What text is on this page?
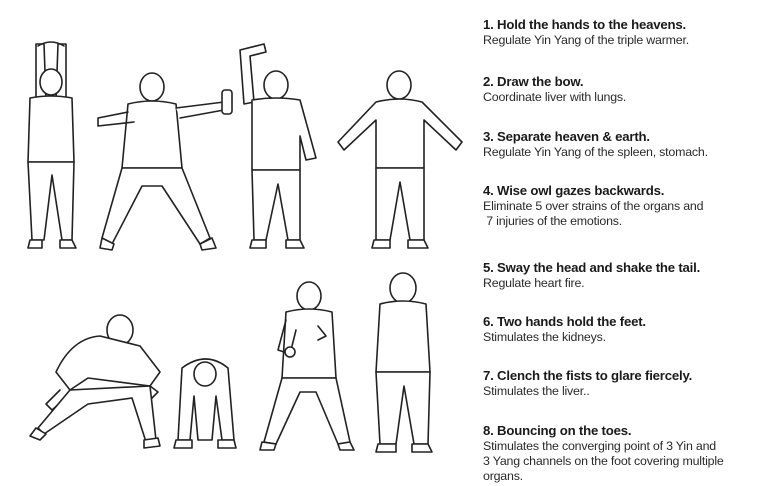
1. Hold the hands to the heavens.
Regulate Yin Yang of the triple warmer.
2. Draw the bow.
Coordinate liver with lungs.
3. Separate heaven & earth.
Regulate Yin Yang of the spleen, stomach.
4. Wise owl gazes backwards.
Eliminate 5 over strains of the organs and
7 injuries of the emotions.
5. Sway the head and shake the tail.
Regulate heart fire.
6. Two hands hold the feet.
Stimulates the kidneys.
7. Clench the fists to glare fiercely.
Stimulates the liver..
8. Bouncing on the toes.
Stimulates the converging point of 3 Yin and
3 Yang channels on the foot covering multiple
organs.
